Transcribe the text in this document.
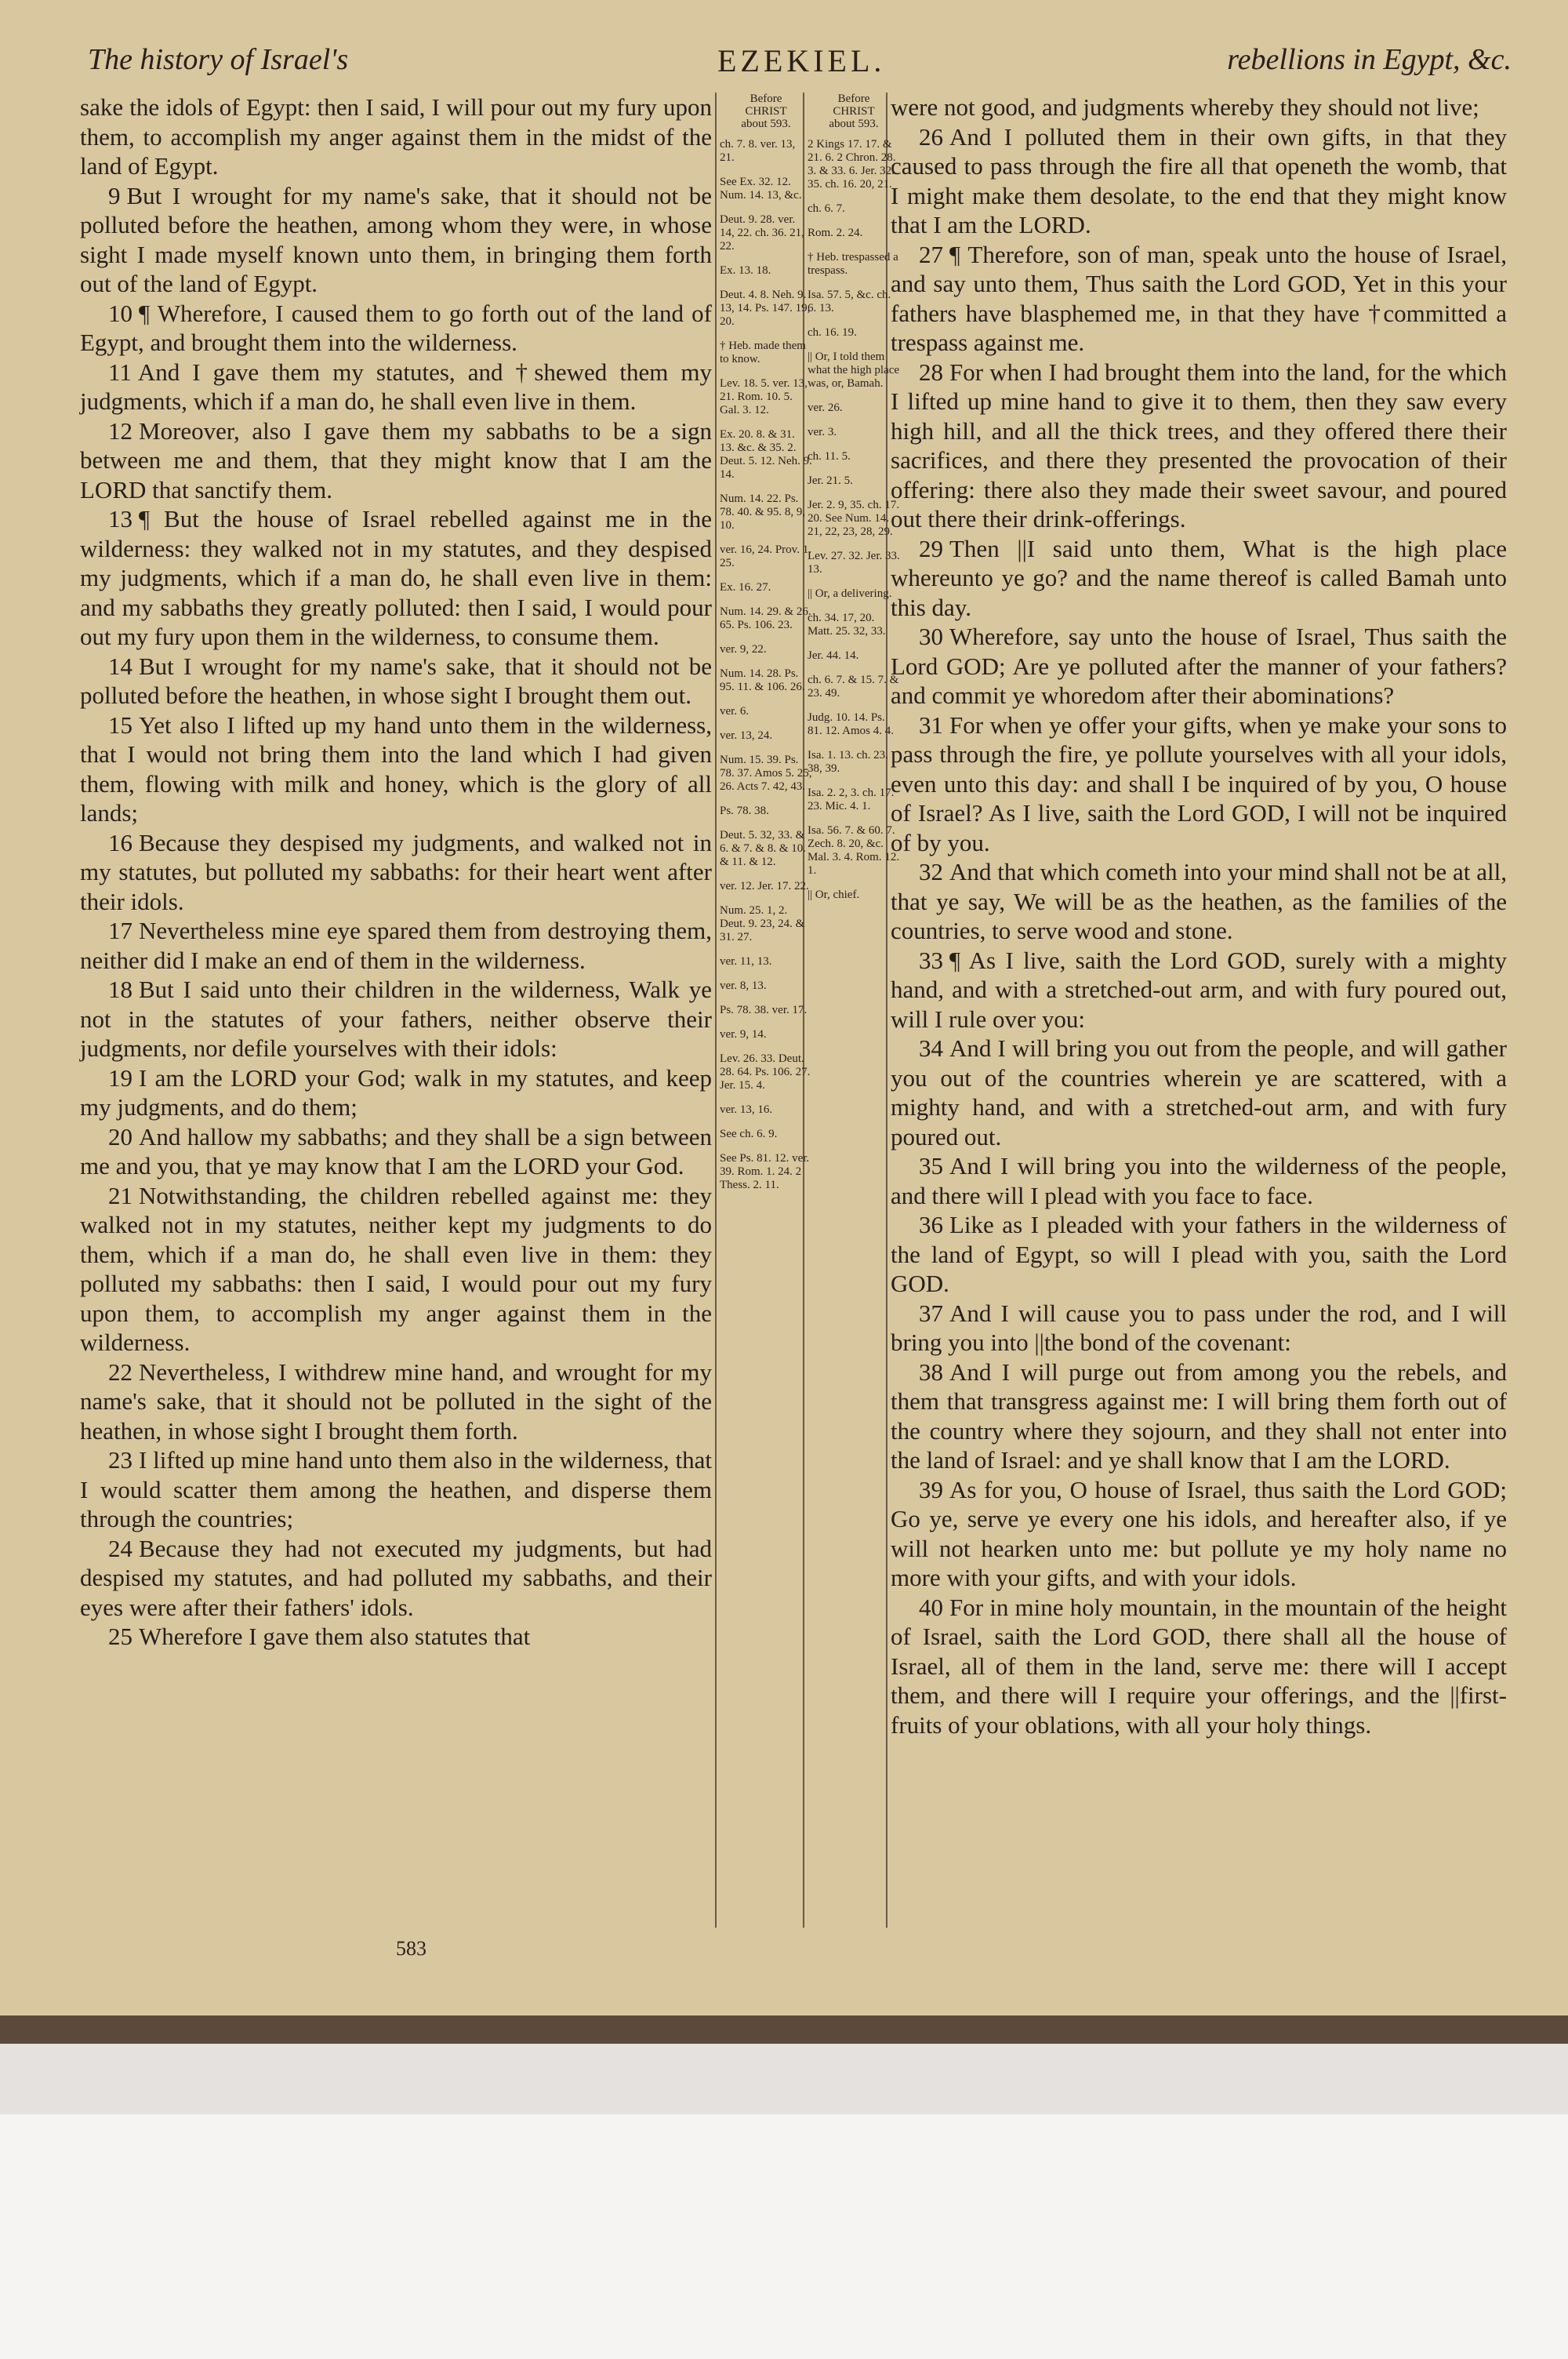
The history of Israel's	EZEKIEL.	rebellions in Egypt, &c.

sake the idols of Egypt: then I said, I will pour out my fury upon them, to accomplish my anger against them in the midst of the land of Egypt.

9 But I wrought for my name's sake, that it should not be polluted before the heathen, among whom they were, in whose sight I made myself known unto them, in bringing them forth out of the land of Egypt.

10 ¶ Wherefore, I caused them to go forth out of the land of Egypt, and brought them into the wilderness.

11 And I gave them my statutes, and †shewed them my judgments, which if a man do, he shall even live in them.

12 Moreover, also I gave them my sabbaths to be a sign between me and them, that they might know that I am the LORD that sanctify them.

13 ¶ But the house of Israel rebelled against me in the wilderness: they walked not in my statutes, and they despised my judgments, which if a man do, he shall even live in them: and my sabbaths they greatly polluted: then I said, I would pour out my fury upon them in the wilderness, to consume them.

14 But I wrought for my name's sake, that it should not be polluted before the heathen, in whose sight I brought them out.

15 Yet also I lifted up my hand unto them in the wilderness, that I would not bring them into the land which I had given them, flowing with milk and honey, which is the glory of all lands;

16 Because they despised my judgments, and walked not in my statutes, but polluted my sabbaths: for their heart went after their idols.

17 Nevertheless mine eye spared them from destroying them, neither did I make an end of them in the wilderness.

18 But I said unto their children in the wilderness, Walk ye not in the statutes of your fathers, neither observe their judgments, nor defile yourselves with their idols:

19 I am the LORD your God; walk in my statutes, and keep my judgments, and do them;

20 And hallow my sabbaths; and they shall be a sign between me and you, that ye may know that I am the LORD your God.

21 Notwithstanding, the children rebelled against me: they walked not in my statutes, neither kept my judgments to do them, which if a man do, he shall even live in them: they polluted my sabbaths: then I said, I would pour out my fury upon them, to accomplish my anger against them in the wilderness.

22 Nevertheless, I withdrew mine hand, and wrought for my name's sake, that it should not be polluted in the sight of the heathen, in whose sight I brought them forth.

23 I lifted up mine hand unto them also in the wilderness, that I would scatter them among the heathen, and disperse them through the countries;

24 Because they had not executed my judgments, but had despised my statutes, and had polluted my sabbaths, and their eyes were after their fathers' idols.

25 Wherefore I gave them also statutes that

Before
CHRIST
about 593.
ch. 7. 8. ver. 13, 21.
See Ex. 32. 12. Num. 14. 13, &c.
Deut. 9. 28. ver. 14, 22. ch. 36. 21, 22.
Ex. 13. 18.
Deut. 4. 8. Neh. 9. 13, 14. Ps. 147. 19, 20.
† Heb. made them to know.
Lev. 18. 5. ver. 13, 21. Rom. 10. 5. Gal. 3. 12.
Ex. 20. 8. & 31. 13. &c. & 35. 2. Deut. 5. 12. Neh. 9. 14.
Num. 14. 22. Ps. 78. 40. & 95. 8, 9, 10.
ver. 16, 24. Prov. 1. 25.
Ex. 16. 27.
Num. 14. 29. & 26. 65. Ps. 106. 23.
ver. 9, 22.
Num. 14. 28. Ps. 95. 11. & 106. 26.
ver. 6.
ver. 13, 24.
Num. 15. 39. Ps. 78. 37. Amos 5. 25, 26. Acts 7. 42, 43.
Ps. 78. 38.
Deut. 5. 32, 33. & 6. & 7. & 8. & 10. & 11. & 12.
ver. 12. Jer. 17. 22.
Num. 25. 1, 2. Deut. 9. 23, 24. & 31. 27.
ver. 11, 13.
ver. 8, 13.
Ps. 78. 38. ver. 17.
ver. 9, 14.
Lev. 26. 33. Deut. 28. 64. Ps. 106. 27. Jer. 15. 4.
ver. 13, 16.
See ch. 6. 9.
See Ps. 81. 12. ver. 39. Rom. 1. 24. 2 Thess. 2. 11.
Before
CHRIST
about 593.
2 Kings 17. 17. & 21. 6. 2 Chron. 28. 3. & 33. 6. Jer. 32. 35. ch. 16. 20, 21.
ch. 6. 7.
Rom. 2. 24.
† Heb. trespassed a trespass.
Isa. 57. 5, &c. ch. 6. 13.
ch. 16. 19.
|| Or, I told them what the high place was, or, Bamah.
ver. 26.
ver. 3.
ch. 11. 5.
Jer. 21. 5.
Jer. 2. 9, 35. ch. 17. 20. See Num. 14. 21, 22, 23, 28, 29.
Lev. 27. 32. Jer. 33. 13.
|| Or, a delivering.
ch. 34. 17, 20. Matt. 25. 32, 33.
Jer. 44. 14.
ch. 6. 7. & 15. 7. & 23. 49.
Judg. 10. 14. Ps. 81. 12. Amos 4. 4.
Isa. 1. 13. ch. 23. 38, 39.
Isa. 2. 2, 3. ch. 17. 23. Mic. 4. 1.
Isa. 56. 7. & 60. 7. Zech. 8. 20, &c. Mal. 3. 4. Rom. 12. 1.
|| Or, chief.

were not good, and judgments whereby they should not live;

26 And I polluted them in their own gifts, in that they caused to pass through the fire all that openeth the womb, that I might make them desolate, to the end that they might know that I am the LORD.

27 ¶ Therefore, son of man, speak unto the house of Israel, and say unto them, Thus saith the Lord GOD, Yet in this your fathers have blasphemed me, in that they have †committed a trespass against me.

28 For when I had brought them into the land, for the which I lifted up mine hand to give it to them, then they saw every high hill, and all the thick trees, and they offered there their sacrifices, and there they presented the provocation of their offering: there also they made their sweet savour, and poured out there their drink-offerings.

29 Then ||I said unto them, What is the high place whereunto ye go? and the name thereof is called Bamah unto this day.

30 Wherefore, say unto the house of Israel, Thus saith the Lord GOD; Are ye polluted after the manner of your fathers? and commit ye whoredom after their abominations?

31 For when ye offer your gifts, when ye make your sons to pass through the fire, ye pollute yourselves with all your idols, even unto this day: and shall I be inquired of by you, O house of Israel? As I live, saith the Lord GOD, I will not be inquired of by you.

32 And that which cometh into your mind shall not be at all, that ye say, We will be as the heathen, as the families of the countries, to serve wood and stone.

33 ¶ As I live, saith the Lord GOD, surely with a mighty hand, and with a stretched-out arm, and with fury poured out, will I rule over you:

34 And I will bring you out from the people, and will gather you out of the countries wherein ye are scattered, with a mighty hand, and with a stretched-out arm, and with fury poured out.

35 And I will bring you into the wilderness of the people, and there will I plead with you face to face.

36 Like as I pleaded with your fathers in the wilderness of the land of Egypt, so will I plead with you, saith the Lord GOD.

37 And I will cause you to pass under the rod, and I will bring you into ||the bond of the covenant:

38 And I will purge out from among you the rebels, and them that transgress against me: I will bring them forth out of the country where they sojourn, and they shall not enter into the land of Israel: and ye shall know that I am the LORD.

39 As for you, O house of Israel, thus saith the Lord GOD; Go ye, serve ye every one his idols, and hereafter also, if ye will not hearken unto me: but pollute ye my holy name no more with your gifts, and with your idols.

40 For in mine holy mountain, in the mountain of the height of Israel, saith the Lord GOD, there shall all the house of Israel, all of them in the land, serve me: there will I accept them, and there will I require your offerings, and the ||first-fruits of your oblations, with all your holy things.

583
